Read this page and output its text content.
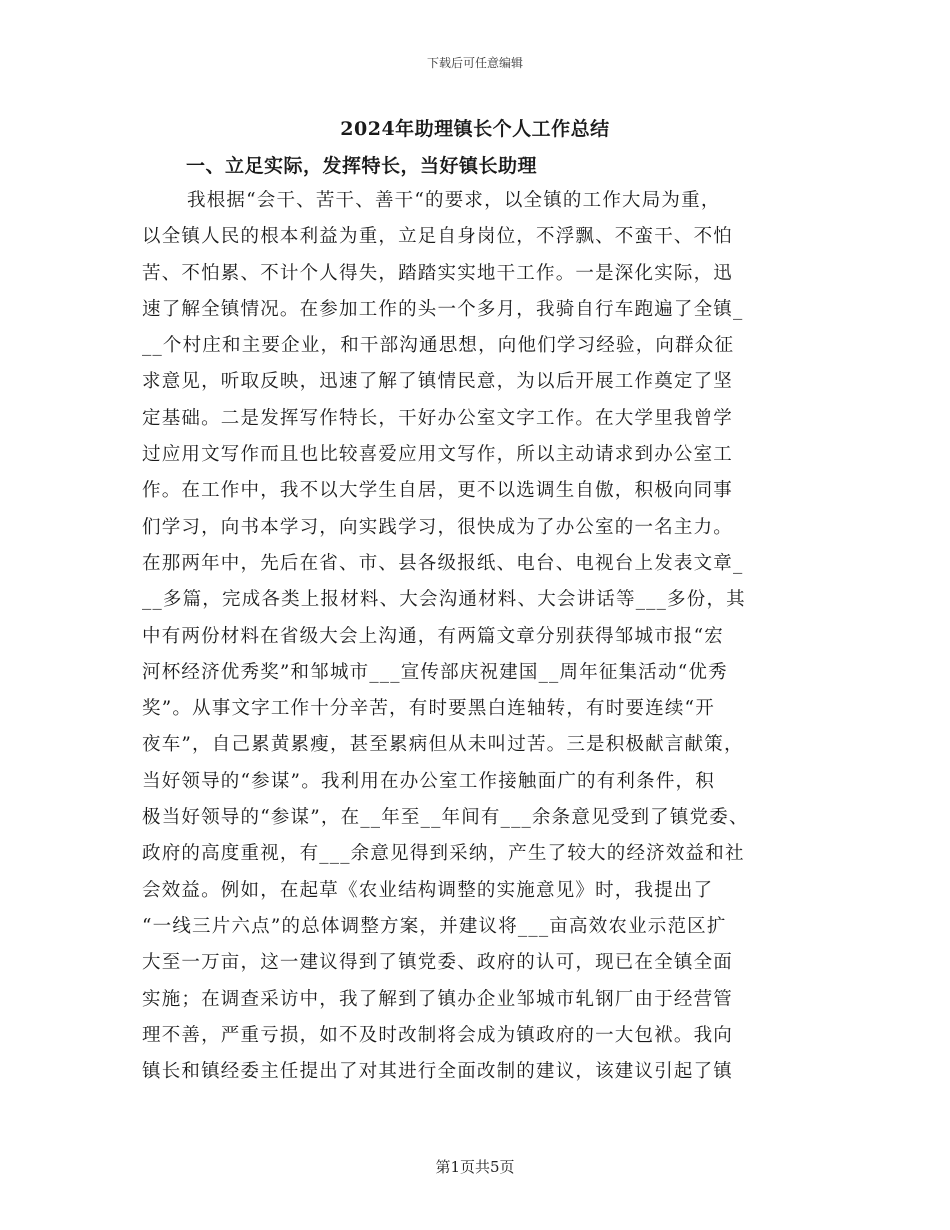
下载后可任意编辑
2024年助理镇长个人工作总结
一、立足实际，发挥特长，当好镇长助理
我根据“会干、苦干、善干“的要求，以全镇的工作大局为重，
以全镇人民的根本利益为重，立足自身岗位，不浮飘、不蛮干、不怕
苦、不怕累、不计个人得失，踏踏实实地干工作。一是深化实际，迅
速了解全镇情况。在参加工作的头一个多月，我骑自行车跑遍了全镇_
__个村庄和主要企业，和干部沟通思想，向他们学习经验，向群众征
求意见，听取反映，迅速了解了镇情民意，为以后开展工作奠定了坚
定基础。二是发挥写作特长，干好办公室文字工作。在大学里我曾学
过应用文写作而且也比较喜爱应用文写作，所以主动请求到办公室工
作。在工作中，我不以大学生自居，更不以选调生自傲，积极向同事
们学习，向书本学习，向实践学习，很快成为了办公室的一名主力。
在那两年中，先后在省、市、县各级报纸、电台、电视台上发表文章_
__多篇，完成各类上报材料、大会沟通材料、大会讲话等___多份，其
中有两份材料在省级大会上沟通，有两篇文章分别获得邹城市报“宏
河杯经济优秀奖”和邹城市___宣传部庆祝建国__周年征集活动“优秀
奖”。从事文字工作十分辛苦，有时要黑白连轴转，有时要连续“开
夜车”，自己累黄累瘦，甚至累病但从未叫过苦。三是积极献言献策，
当好领导的“参谋”。我利用在办公室工作接触面广的有利条件，积
极当好领导的“参谋”，在__年至__年间有___余条意见受到了镇党委、
政府的高度重视，有___余意见得到采纳，产生了较大的经济效益和社
会效益。例如，在起草《农业结构调整的实施意见》时，我提出了
“一线三片六点”的总体调整方案，并建议将___亩高效农业示范区扩
大至一万亩，这一建议得到了镇党委、政府的认可，现已在全镇全面
实施；在调查采访中，我了解到了镇办企业邹城市轧钢厂由于经营管
理不善，严重亏损，如不及时改制将会成为镇政府的一大包袱。我向
镇长和镇经委主任提出了对其进行全面改制的建议，该建议引起了镇
第1页共5页
